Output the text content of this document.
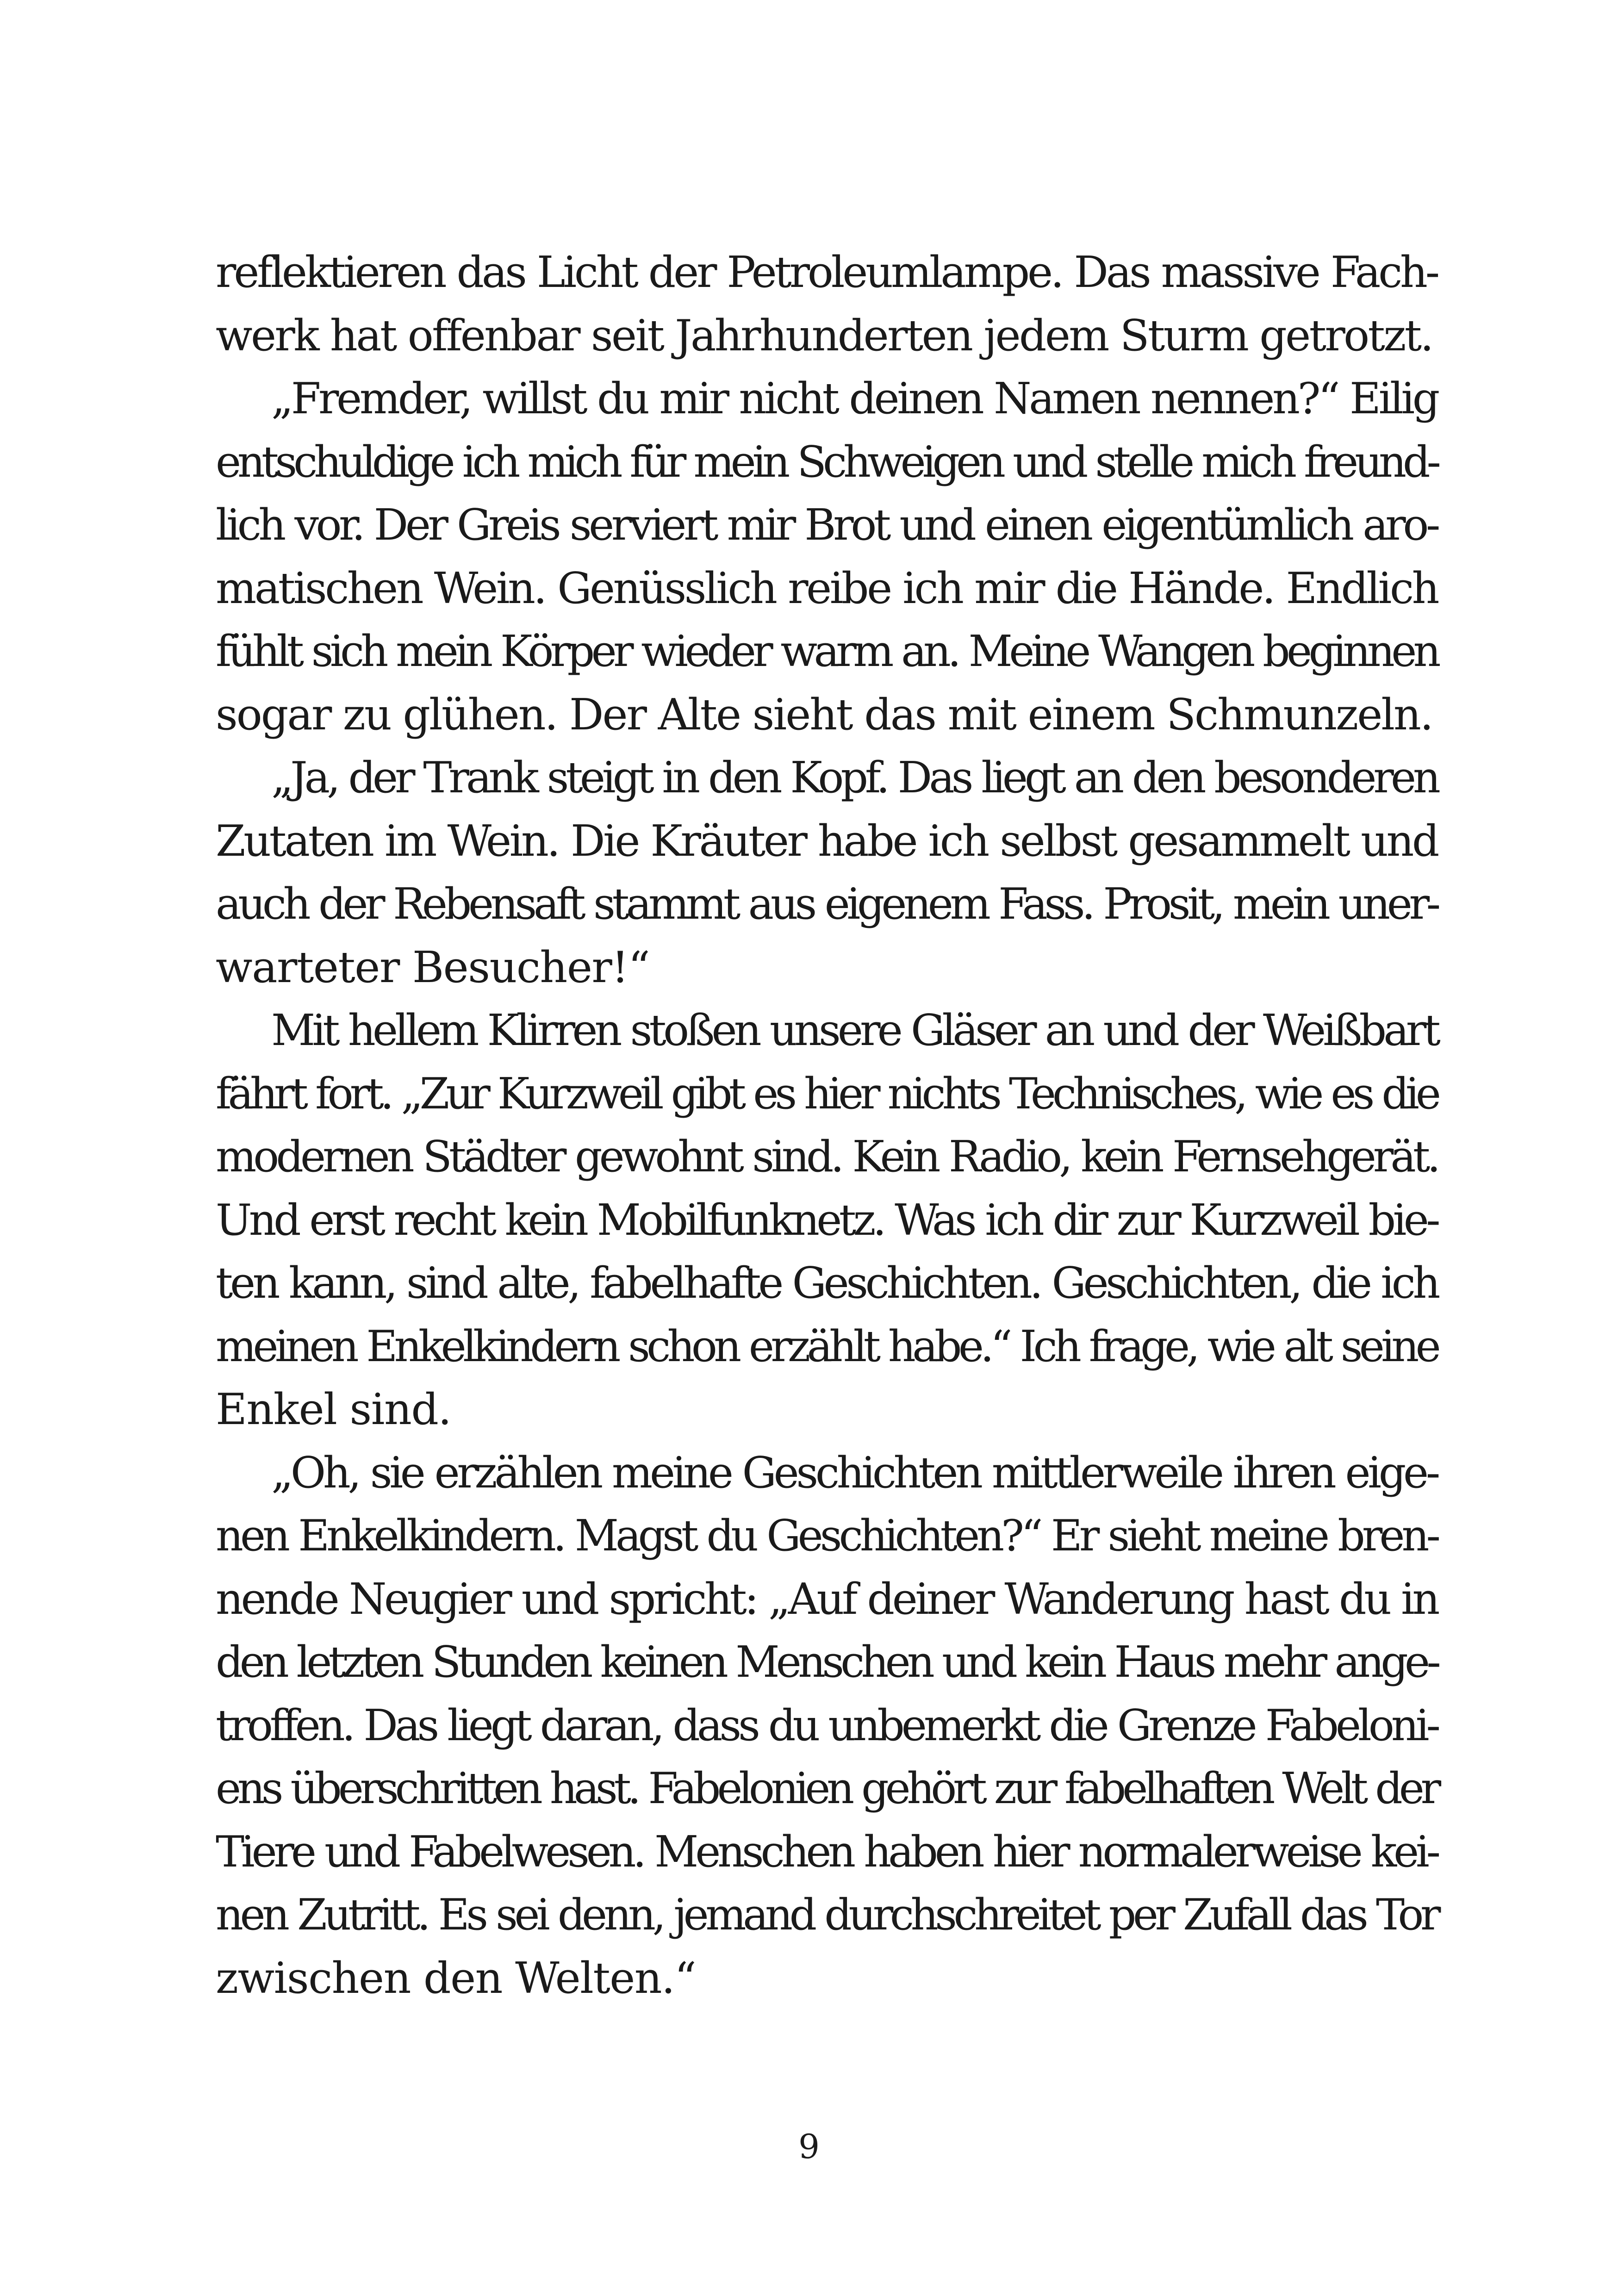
reflektieren das Licht der Petroleumlampe. Das massive Fach-
werk hat offenbar seit Jahrhunderten jedem Sturm getrotzt.
„Fremder, willst du mir nicht deinen Namen nennen?“ Eilig
entschuldige ich mich für mein Schweigen und stelle mich freund-
lich vor. Der Greis serviert mir Brot und einen eigentümlich aro-
matischen Wein. Genüsslich reibe ich mir die Hände. Endlich
fühlt sich mein Körper wieder warm an. Meine Wangen beginnen
sogar zu glühen. Der Alte sieht das mit einem Schmunzeln.
„Ja, der Trank steigt in den Kopf. Das liegt an den besonderen
Zutaten im Wein. Die Kräuter habe ich selbst gesammelt und
auch der Rebensaft stammt aus eigenem Fass. Prosit, mein uner-
warteter Besucher!“
Mit hellem Klirren stoßen unsere Gläser an und der Weißbart
fährt fort. „Zur Kurzweil gibt es hier nichts Technisches, wie es die
modernen Städter gewohnt sind. Kein Radio, kein Fernsehgerät.
Und erst recht kein Mobilfunknetz. Was ich dir zur Kurzweil bie-
ten kann, sind alte, fabelhafte Geschichten. Geschichten, die ich
meinen Enkelkindern schon erzählt habe.“ Ich frage, wie alt seine
Enkel sind.
„Oh, sie erzählen meine Geschichten mittlerweile ihren eige-
nen Enkelkindern. Magst du Geschichten?“ Er sieht meine bren-
nende Neugier und spricht: „Auf deiner Wanderung hast du in
den letzten Stunden keinen Menschen und kein Haus mehr ange-
troffen. Das liegt daran, dass du unbemerkt die Grenze Fabeloni-
ens überschritten hast. Fabelonien gehört zur fabelhaften Welt der
Tiere und Fabelwesen. Menschen haben hier normalerweise kei-
nen Zutritt. Es sei denn, jemand durchschreitet per Zufall das Tor
zwischen den Welten.“
9
